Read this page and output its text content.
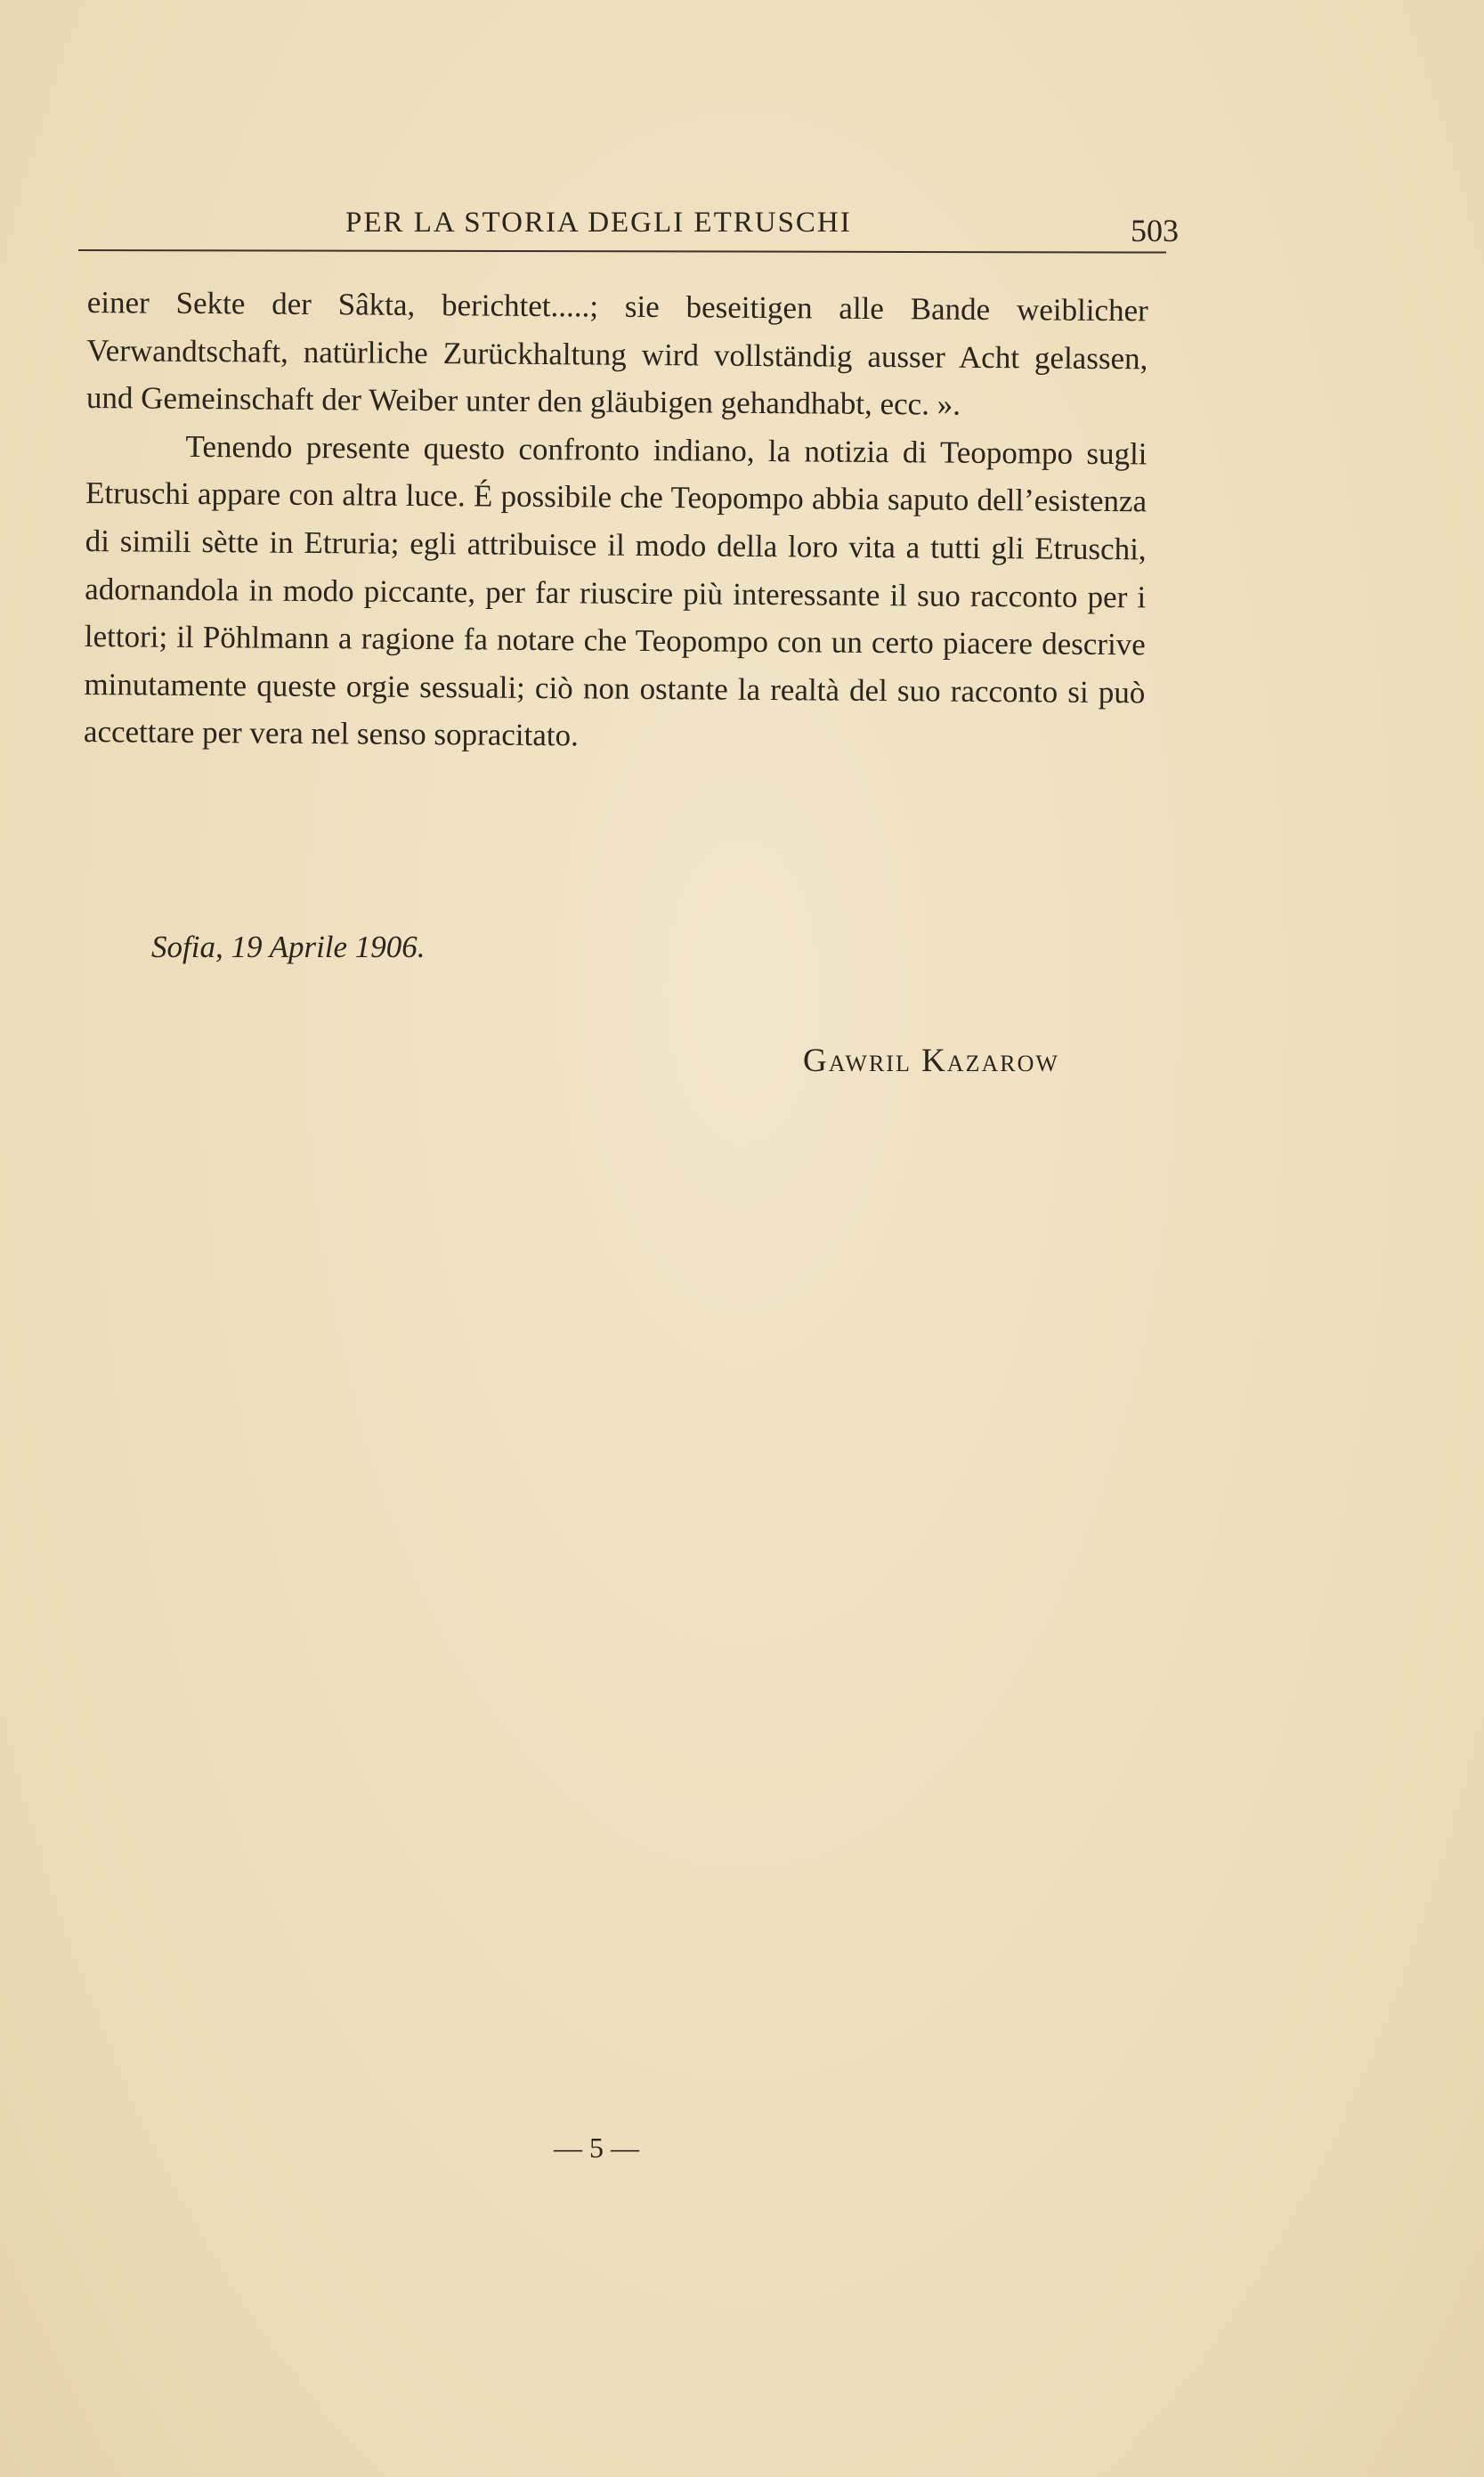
PER LA STORIA DEGLI ETRUSCHI	503

einer Sekte der Sâkta, berichtet.....; sie beseitigen alle Bande weiblicher Verwandtschaft, natürliche Zurückhaltung wird vollständig ausser Acht gelassen, und Gemeinschaft der Weiber unter den gläubigen gehandhabt, ecc. ».

Tenendo presente questo confronto indiano, la notizia di Teopompo sugli Etruschi appare con altra luce. É possibile che Teopompo abbia saputo dell’esistenza di simili sètte in Etruria; egli attribuisce il modo della loro vita a tutti gli Etruschi, adornandola in modo piccante, per far riuscire più interessante il suo racconto per i lettori; il Pöhlmann a ragione fa notare che Teopompo con un certo piacere descrive minutamente queste orgie sessuali; ciò non ostante la realtà del suo racconto si può accettare per vera nel senso sopracitato.

Sofia, 19 Aprile 1906.
Gawril Kazarow
— 5 —
